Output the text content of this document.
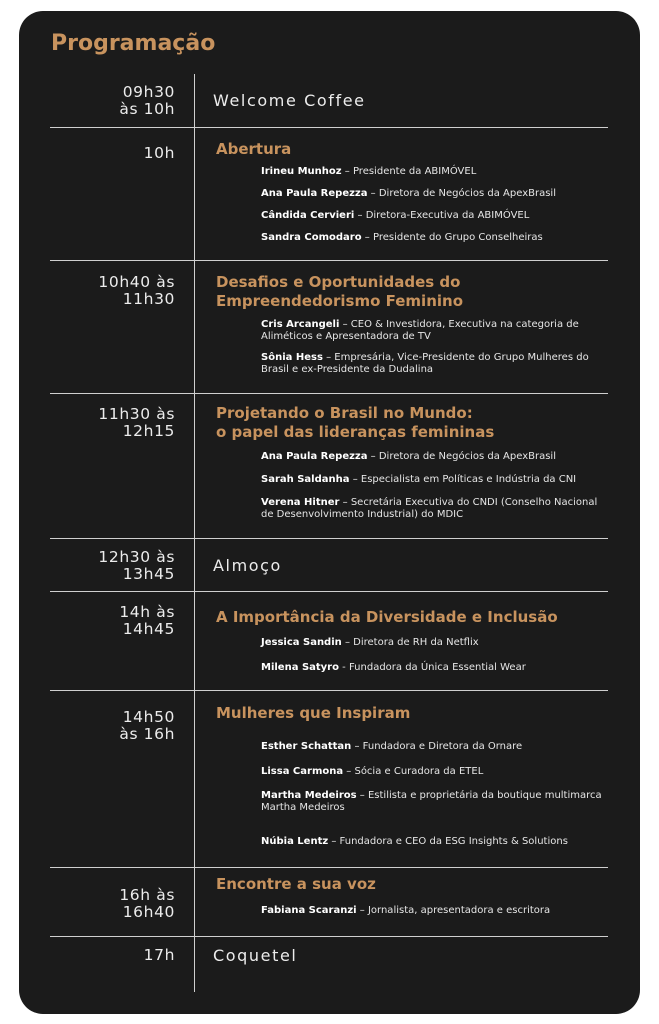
Programação
09h30
às 10h Welcome Coffee
10h	Abertura
Irineu Munhoz – Presidente da ABIMÓVEL
Ana Paula Repezza – Diretora de Negócios da ApexBrasil
Cândida Cervieri – Diretora-Executiva da ABIMÓVEL
Sandra Comodaro – Presidente do Grupo Conselheiras
10h40 às
11h30
Desafios e Oportunidades do
Empreendedorismo Feminino
Cris Arcangeli – CEO & Investidora, Executiva na categoria de Aliméticos e Apresentadora de TV
Sônia Hess – Empresária, Vice-Presidente do Grupo Mulheres do Brasil e ex-Presidente da Dudalina
11h30 às
12h15
Projetando o Brasil no Mundo:
o papel das lideranças femininas
Ana Paula Repezza – Diretora de Negócios da ApexBrasil
Sarah Saldanha – Especialista em Políticas e Indústria da CNI
Verena Hitner – Secretária Executiva do CNDI (Conselho Nacional de Desenvolvimento Industrial) do MDIC
12h30 às
13h45 Almoço
14h às
14h45
A Importância da Diversidade e Inclusão
Jessica Sandin – Diretora de RH da Netflix
Milena Satyro - Fundadora da Única Essential Wear
14h50
às 16h
Mulheres que Inspiram
Esther Schattan – Fundadora e Diretora da Ornare
Lissa Carmona – Sócia e Curadora da ETEL
Martha Medeiros – Estilista e proprietária da boutique multimarca Martha Medeiros
Núbia Lentz – Fundadora e CEO da ESG Insights & Solutions
16h às
16h40
Encontre a sua voz
Fabiana Scaranzi – Jornalista, apresentadora e escritora
17h Coquetel
